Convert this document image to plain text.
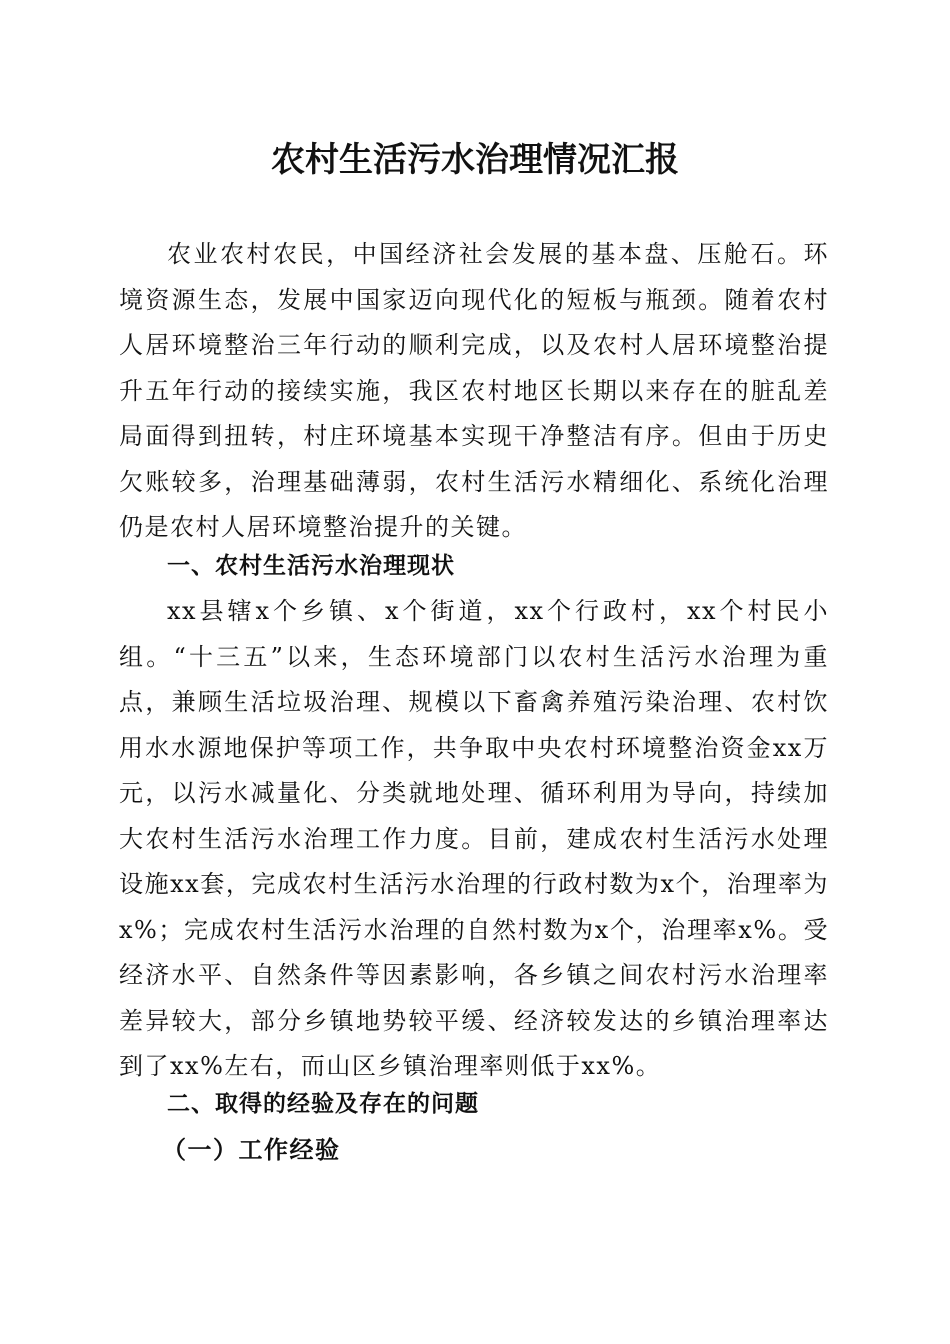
农村生活污水治理情况汇报

农业农村农民，中国经济社会发展的基本盘、压舱石。环境资源生态，发展中国家迈向现代化的短板与瓶颈。随着农村人居环境整治三年行动的顺利完成，以及农村人居环境整治提升五年行动的接续实施，我区农村地区长期以来存在的脏乱差局面得到扭转，村庄环境基本实现干净整洁有序。但由于历史欠账较多，治理基础薄弱，农村生活污水精细化、系统化治理仍是农村人居环境整治提升的关键。

一、农村生活污水治理现状

xx县辖x个乡镇、x个街道，xx个行政村，xx个村民小组。“十三五”以来，生态环境部门以农村生活污水治理为重点，兼顾生活垃圾治理、规模以下畜禽养殖污染治理、农村饮用水水源地保护等项工作，共争取中央农村环境整治资金xx万元，以污水减量化、分类就地处理、循环利用为导向，持续加大农村生活污水治理工作力度。目前，建成农村生活污水处理设施xx套，完成农村生活污水治理的行政村数为x个，治理率为x%；完成农村生活污水治理的自然村数为x个，治理率x%。受经济水平、自然条件等因素影响，各乡镇之间农村污水治理率差异较大，部分乡镇地势较平缓、经济较发达的乡镇治理率达到了xx%左右，而山区乡镇治理率则低于xx%。

二、取得的经验及存在的问题
（一）工作经验
